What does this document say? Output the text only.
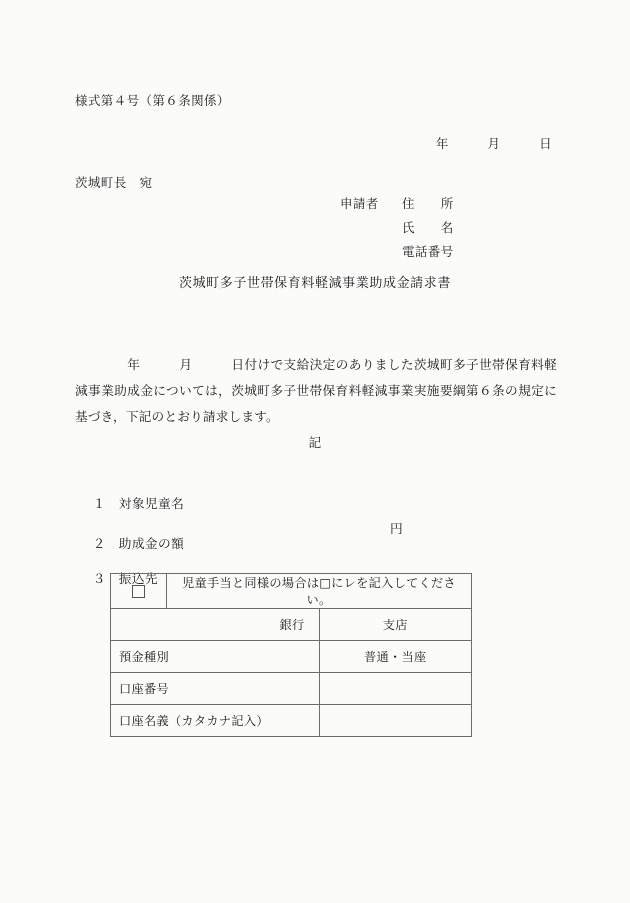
様式第４号（第６条関係）
年　　　月　　　日
茨城町長　宛
申請者	住　　所
氏　　名
電話番号
茨城町多子世帯保育料軽減事業助成金請求書
年　　　月　　　日付けで支給決定のありました茨城町多子世帯保育料軽減事業助成金については，茨城町多子世帯保育料軽減事業実施要綱第６条の規定に基づき，下記のとおり請求します。
記

１ 対象児童名

２ 助成金の額

円

３ 振込先

	児童手当と同様の場合は□にレを記入してください。	
銀行		支店
預金種別		普通・当座
口座番号		
口座名義（カタカナ記入）		
